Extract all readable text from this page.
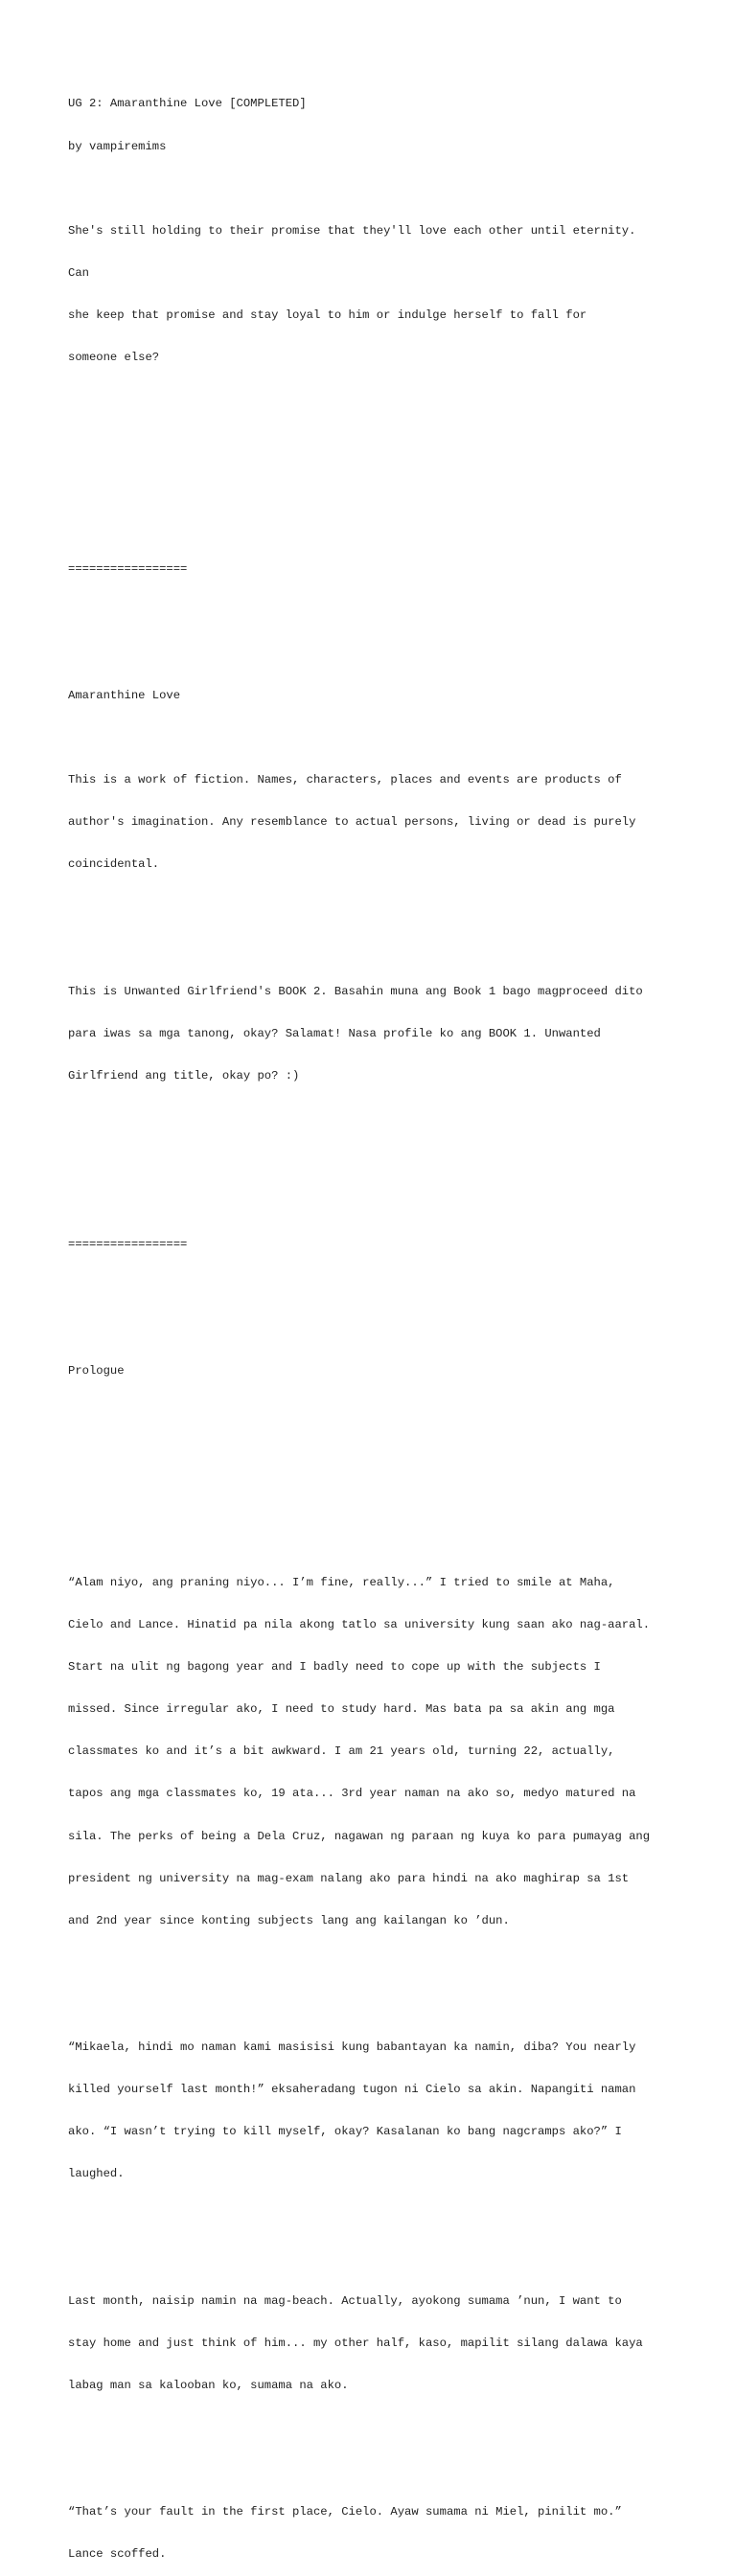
UG 2: Amaranthine Love [COMPLETED]

by vampiremims

She's still holding to their promise that they'll love each other until eternity.

Can

she keep that promise and stay loyal to him or indulge herself to fall for

someone else?

=================

Amaranthine Love

This is a work of fiction. Names, characters, places and events are products of

author's imagination. Any resemblance to actual persons, living or dead is purely

coincidental.

This is Unwanted Girlfriend's BOOK 2. Basahin muna ang Book 1 bago magproceed dito

para iwas sa mga tanong, okay? Salamat! Nasa profile ko ang BOOK 1. Unwanted

Girlfriend ang title, okay po? :)

=================

Prologue

“Alam niyo, ang praning niyo... I’m fine, really...” I tried to smile at Maha,

Cielo and Lance. Hinatid pa nila akong tatlo sa university kung saan ako nag-aaral.

Start na ulit ng bagong year and I badly need to cope up with the subjects I

missed. Since irregular ako, I need to study hard. Mas bata pa sa akin ang mga

classmates ko and it’s a bit awkward. I am 21 years old, turning 22, actually,

tapos ang mga classmates ko, 19 ata... 3rd year naman na ako so, medyo matured na

sila. The perks of being a Dela Cruz, nagawan ng paraan ng kuya ko para pumayag ang

president ng university na mag-exam nalang ako para hindi na ako maghirap sa 1st

and 2nd year since konting subjects lang ang kailangan ko ’dun.

“Mikaela, hindi mo naman kami masisisi kung babantayan ka namin, diba? You nearly

killed yourself last month!” eksaheradang tugon ni Cielo sa akin. Napangiti naman

ako. “I wasn’t trying to kill myself, okay? Kasalanan ko bang nagcramps ako?” I

laughed.

Last month, naisip namin na mag-beach. Actually, ayokong sumama ’nun, I want to

stay home and just think of him... my other half, kaso, mapilit silang dalawa kaya

labag man sa kalooban ko, sumama na ako.

“That’s your fault in the first place, Cielo. Ayaw sumama ni Miel, pinilit mo.”

Lance scoffed.
